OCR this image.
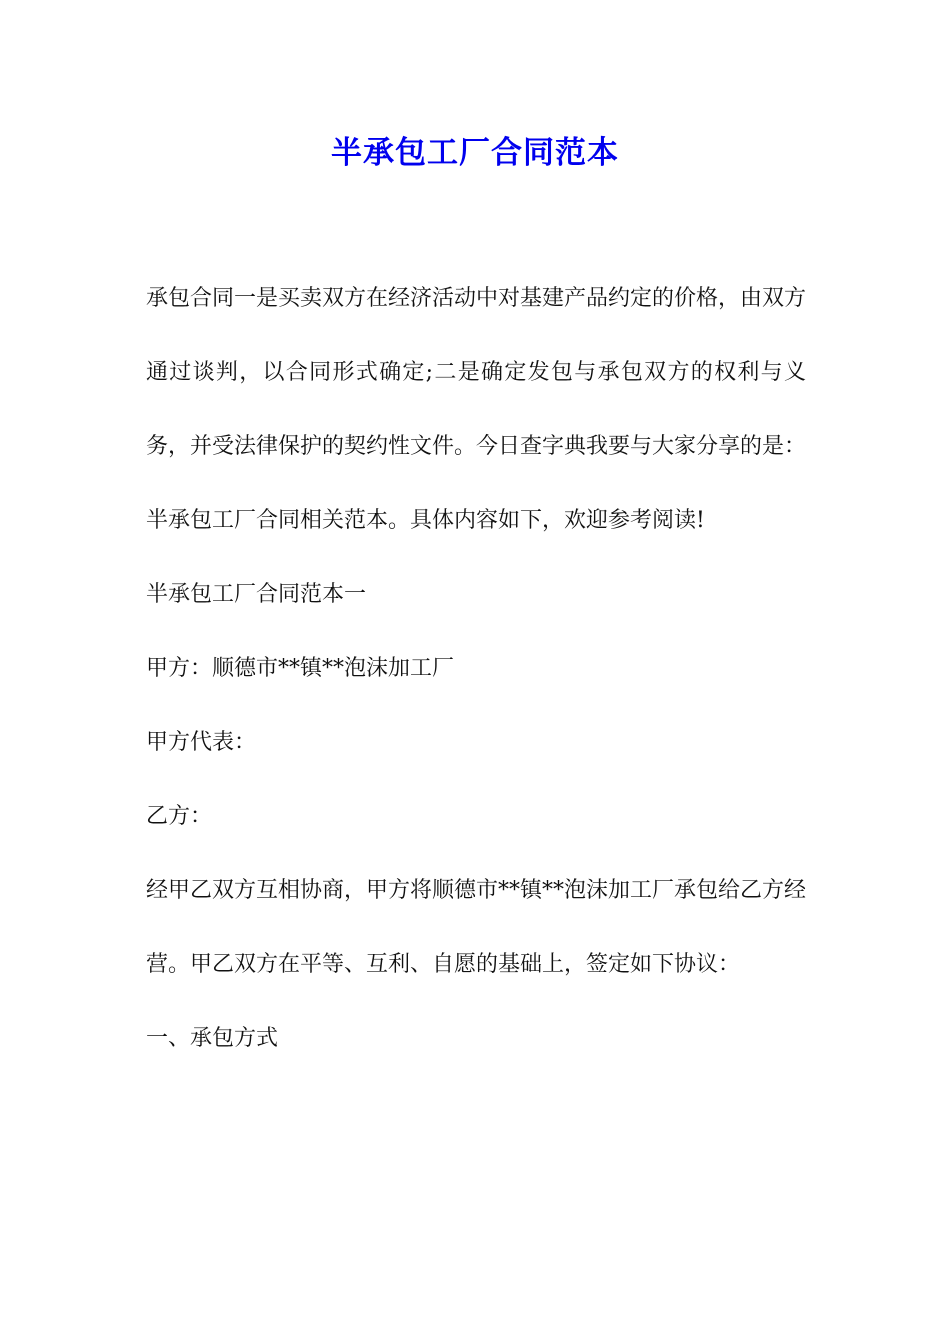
半承包工厂合同范本

承包合同一是买卖双方在经济活动中对基建产品约定的价格，由双方通过谈判，以合同形式确定;二是确定发包与承包双方的权利与义务，并受法律保护的契约性文件。今日查字典我要与大家分享的是：半承包工厂合同相关范本。具体内容如下，欢迎参考阅读!

半承包工厂合同范本一

甲方：顺德市**镇**泡沫加工厂

甲方代表：

乙方：

经甲乙双方互相协商，甲方将顺德市**镇**泡沫加工厂承包给乙方经营。甲乙双方在平等、互利、自愿的基础上，签定如下协议：

一、承包方式
